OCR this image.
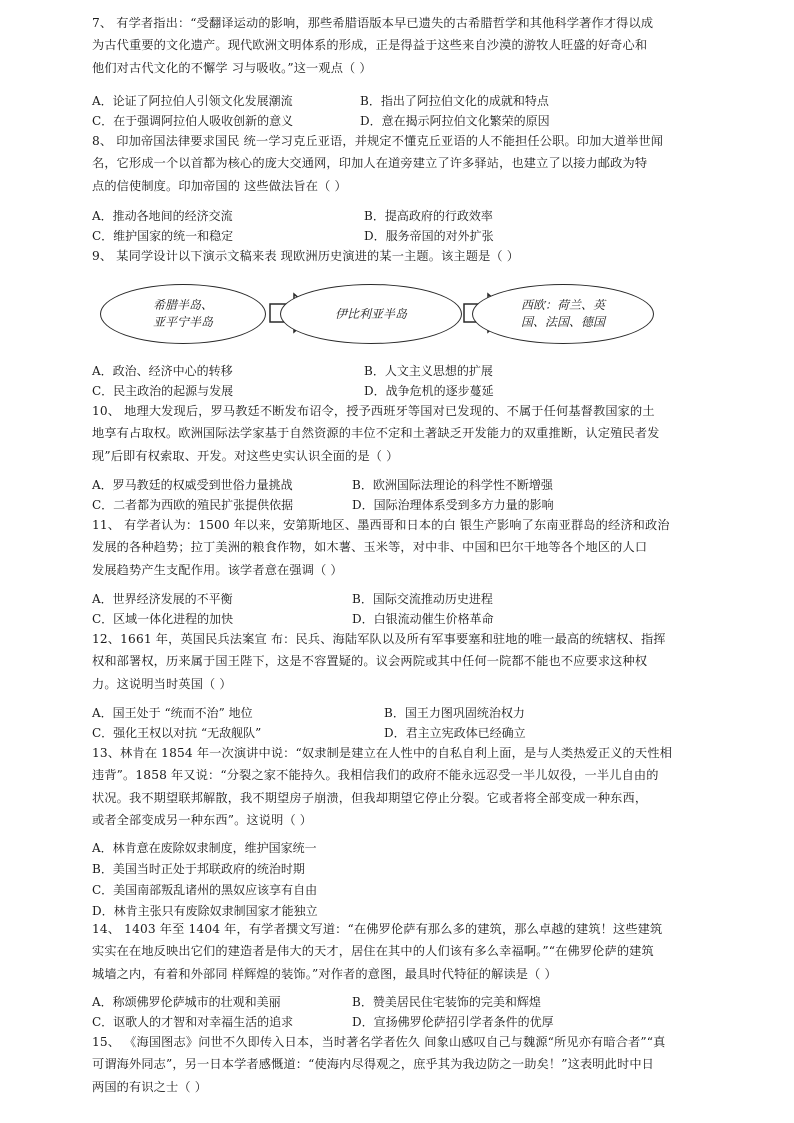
7、 有学者指出：“受翻译运动的影响，那些希腊语版本早已遗失的古希腊哲学和其他科学著作才得以成
为古代重要的文化遗产。现代欧洲文明体系的形成，正是得益于这些来自沙漠的游牧人旺盛的好奇心和
他们对古代文化的不懈学 习与吸收。”这一观点（ ）
A．论证了阿拉伯人引领文化发展潮流	B．指出了阿拉伯文化的成就和特点
C．在于强调阿拉伯人吸收创新的意义	D．意在揭示阿拉伯文化繁荣的原因
8、 印加帝国法律要求国民 统一学习克丘亚语，并规定不懂克丘亚语的人不能担任公职。印加大道举世闻
名，它形成一个以首都为核心的庞大交通网，印加人在道旁建立了许多驿站，也建立了以接力邮政为特
点的信使制度。印加帝国的 这些做法旨在（ ）
A．推动各地间的经济交流	B．提高政府的行政效率
C．维护国家的统一和稳定	D．服务帝国的对外扩张
9、 某同学设计以下演示文稿来表 现欧洲历史演进的某一主题。该主题是（ ）
希腊半岛、
亚平宁半岛
伊比利亚半岛
西欧：荷兰、英
国、法国、德国
A．政治、经济中心的转移	B．人文主义思想的扩展
C．民主政治的起源与发展	D．战争危机的逐步蔓延
10、 地理大发现后，罗马教廷不断发布诏令，授予西班牙等国对已发现的、不属于任何基督教国家的土
地享有占取权。欧洲国际法学家基于自然资源的丰位不定和土著缺乏开发能力的双重推断，认定殖民者发
现”后即有权索取、开发。对这些史实认识全面的是（ ）
A．罗马教廷的权威受到世俗力量挑战	B．欧洲国际法理论的科学性不断增强
C．二者都为西欧的殖民扩张提供依据	D．国际治理体系受到多方力量的影响
11、 有学者认为：1500 年以来，安第斯地区、墨西哥和日本的白 银生产影响了东南亚群岛的经济和政治
发展的各种趋势；拉丁美洲的粮食作物，如木薯、玉米等，对中非、中国和巴尔干地等各个地区的人口
发展趋势产生支配作用。该学者意在强调（ ）
A．世界经济发展的不平衡	B．国际交流推动历史进程
C．区域一体化进程的加快	D．白银流动催生价格革命
12、1661 年，英国民兵法案宣 布：民兵、海陆军队以及所有军事要塞和驻地的唯一最高的统辖权、指挥
权和部署权，历来属于国王陛下，这是不容置疑的。议会两院或其中任何一院都不能也不应要求这种权
力。这说明当时英国（ ）
A．国王处于 “统而不治” 地位	B．国王力图巩固统治权力
C．强化王权以对抗 “无敌舰队”	D．君主立宪政体已经确立
13、林肯在 1854 年一次演讲中说：“奴隶制是建立在人性中的自私自利上面，是与人类热爱正义的天性相
违背”。1858 年又说：“分裂之家不能持久。我相信我们的政府不能永远忍受一半儿奴役，一半儿自由的
状况。我不期望联邦解散，我不期望房子崩溃，但我却期望它停止分裂。它或者将全部变成一种东西，
或者全部变成另一种东西”。这说明（ ）
A．林肯意在废除奴隶制度，维护国家统一
B．美国当时正处于邦联政府的统治时期
C．美国南部叛乱诸州的黑奴应该享有自由
D．林肯主张只有废除奴隶制国家才能独立
14、 1403 年至 1404 年，有学者撰文写道：“在佛罗伦萨有那么多的建筑，那么卓越的建筑！这些建筑
实实在在地反映出它们的建造者是伟大的天才，居住在其中的人们该有多么幸福啊。”“在佛罗伦萨的建筑
城墙之内，有着和外部同 样辉煌的装饰。”对作者的意图，最具时代特征的解读是（ ）
A．称颂佛罗伦萨城市的壮观和美丽	B．赞美居民住宅装饰的完美和辉煌
C．讴歌人的才智和对幸福生活的追求	D．宣扬佛罗伦萨招引学者条件的优厚
15、 《海国图志》问世不久即传入日本，当时著名学者佐久 间象山感叹自己与魏源“所见亦有暗合者”“真
可谓海外同志”，另一日本学者感慨道：“使海内尽得观之，庶乎其为我边防之一助矣！”这表明此时中日
两国的有识之士（ ）
